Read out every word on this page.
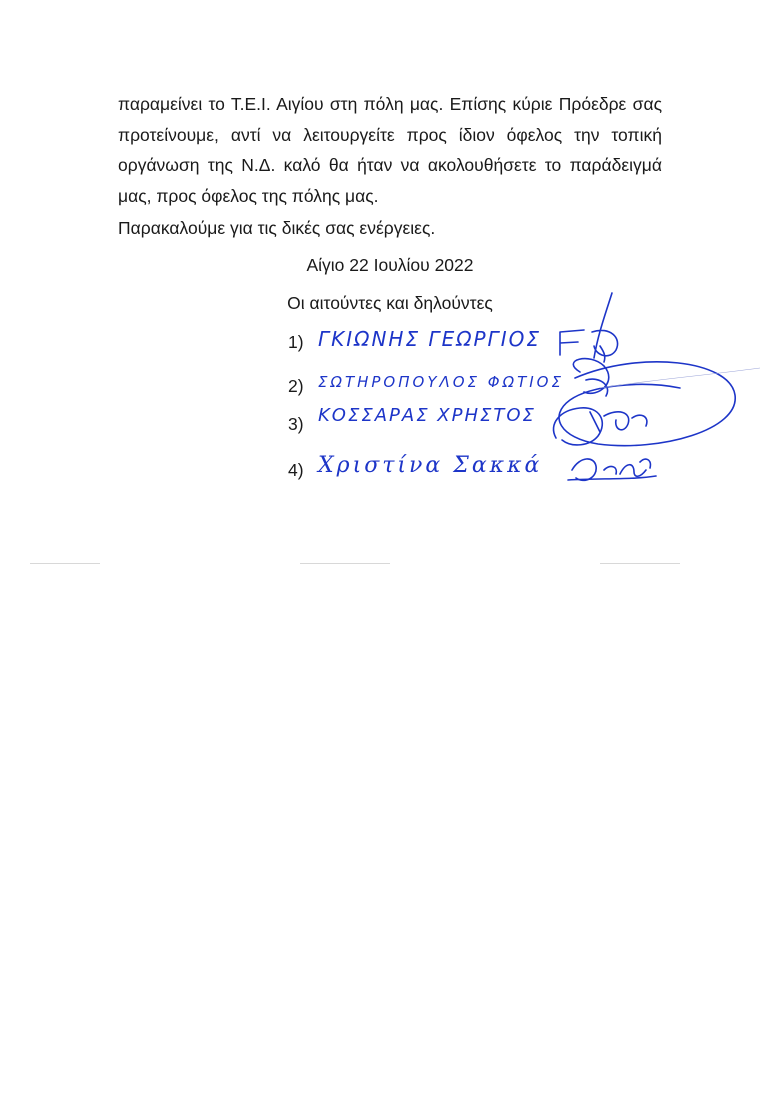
παραμείνει το Τ.Ε.Ι. Αιγίου στη πόλη μας. Επίσης κύριε Πρόεδρε σας προτείνουμε, αντί να λειτουργείτε προς ίδιον όφελος την τοπική οργάνωση της Ν.Δ. καλό θα ήταν να ακολουθήσετε το παράδειγμά μας, προς όφελος της πόλης μας.

Παρακαλούμε για τις δικές σας ενέργειες.

Αίγιο 22 Ιουλίου 2022

Οι αιτούντες και δηλούντες

1) ΓΚΙΩΝΗΣ ΓΕΩΡΓΙΟΣ
2) ΣΩΤΗΡΟΠΟΥΛΟΣ ΦΩΤΙΟΣ
3) ΚΟΣΣΑΡΑΣ ΧΡΗΣΤΟΣ
4) Χριστίνα Σακκά
